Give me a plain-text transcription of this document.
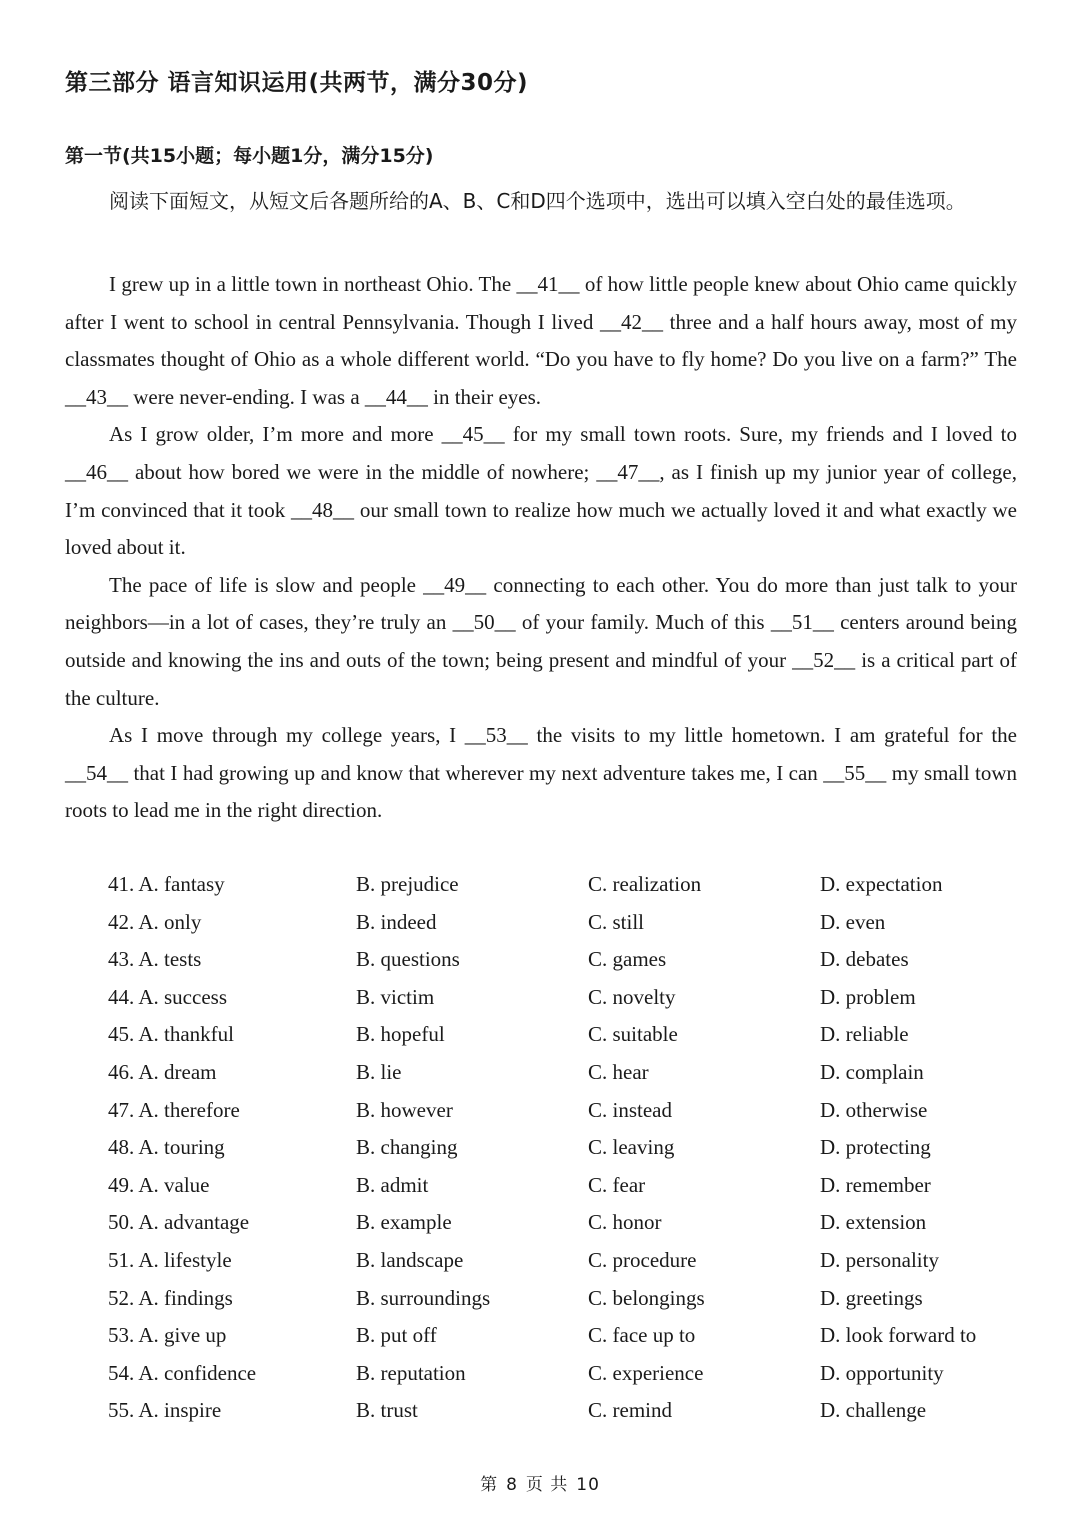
第三部分 语言知识运用(共两节，满分30分)
第一节(共15小题；每小题1分，满分15分)

阅读下面短文，从短文后各题所给的A、B、C和D四个选项中，选出可以填入空白处的最佳选项。

I grew up in a little town in northeast Ohio. The __41__ of how little people knew about Ohio came quickly after I went to school in central Pennsylvania. Though I lived __42__ three and a half hours away, most of my classmates thought of Ohio as a whole different world. “Do you have to fly home? Do you live on a farm?” The __43__ were never-ending. I was a __44__ in their eyes.

As I grow older, I’m more and more __45__ for my small town roots. Sure, my friends and I loved to __46__ about how bored we were in the middle of nowhere; __47__, as I finish up my junior year of college, I’m convinced that it took __48__ our small town to realize how much we actually loved it and what exactly we loved about it.

The pace of life is slow and people __49__ connecting to each other. You do more than just talk to your neighbors—in a lot of cases, they’re truly an __50__ of your family. Much of this __51__ centers around being outside and knowing the ins and outs of the town; being present and mindful of your __52__ is a critical part of the culture.

As I move through my college years, I __53__ the visits to my little hometown. I am grateful for the __54__ that I had growing up and know that wherever my next adventure takes me, I can __55__ my small town roots to lead me in the right direction.

41. A. fantasy	B. prejudice	C. realization	D. expectation
42. A. only	B. indeed	C. still	D. even
43. A. tests	B. questions	C. games	D. debates
44. A. success	B. victim	C. novelty	D. problem
45. A. thankful	B. hopeful	C. suitable	D. reliable
46. A. dream	B. lie	C. hear	D. complain
47. A. therefore	B. however	C. instead	D. otherwise
48. A. touring	B. changing	C. leaving	D. protecting
49. A. value	B. admit	C. fear	D. remember
50. A. advantage	B. example	C. honor	D. extension
51. A. lifestyle	B. landscape	C. procedure	D. personality
52. A. findings	B. surroundings	C. belongings	D. greetings
53. A. give up	B. put off	C. face up to	D. look forward to
54. A. confidence	B. reputation	C. experience	D. opportunity
55. A. inspire	B. trust	C. remind	D. challenge
第 8 页 共 10
